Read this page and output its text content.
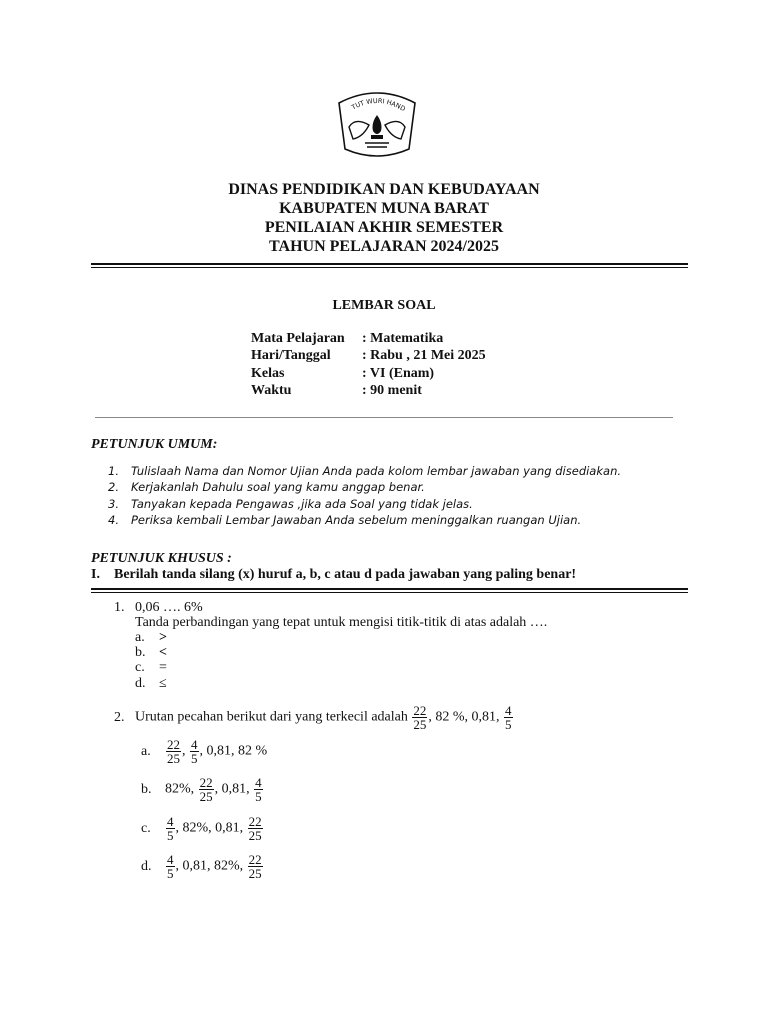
TUT WURI HAND
DINAS PENDIDIKAN DAN KEBUDAYAAN
KABUPATEN MUNA BARAT
PENILAIAN AKHIR SEMESTER
TAHUN PELAJARAN 2024/2025
LEMBAR SOAL
Mata Pelajaran : Matematika
Hari/Tanggal : Rabu , 21 Mei 2025
Kelas	: VI (Enam)
Waktu	: 90 menit
PETUNJUK UMUM:
1. Tulislaah Nama dan Nomor Ujian Anda pada kolom lembar jawaban yang disediakan.
2. Kerjakanlah Dahulu soal yang kamu anggap benar.
3. Tanyakan kepada Pengawas ,jika ada Soal yang tidak jelas.
4. Periksa kembali Lembar Jawaban Anda sebelum meninggalkan ruangan Ujian.
PETUNJUK KHUSUS :
I. Berilah tanda silang (x) huruf a, b, c atau d pada jawaban yang paling benar!
1. 0,06 …. 6%
Tanda perbandingan yang tepat untuk mengisi titik-titik di atas adalah ….
a. >
b. <
c. =
d. ≤
2. Urutan pecahan berikut dari yang terkecil adalah $\frac{22}{25}$ , 82 %, 0,81, $\frac{4}{5}$
a. $\frac{22}{25}$ , $\frac{4}{5}$ , 0,81, 82 %
b. 82%, $\frac{22}{25}$ , 0,81, $\frac{4}{5}$
c. $\frac{4}{5}$ , 82%, 0,81, $\frac{22}{25}$
d. $\frac{4}{5}$ , 0,81, 82%, $\frac{22}{25}$
